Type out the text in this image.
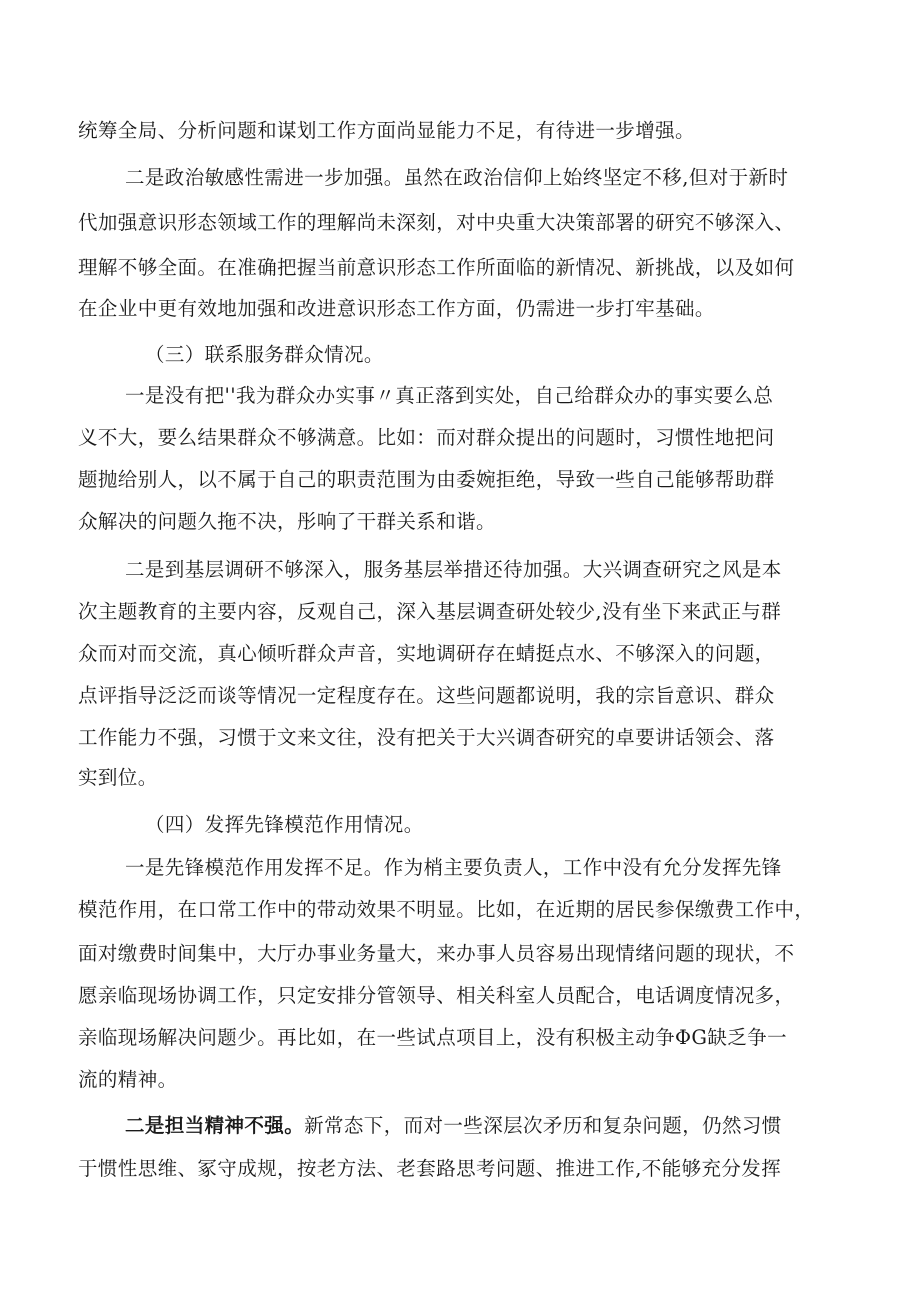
统筹全局、分析问题和谋划工作方面尚显能力不足，有待进一步增强。
二是政治敏感性需进一步加强。虽然在政治信仰上始终坚定不移,但对于新时
代加强意识形态领域工作的理解尚未深刻，对中央重大决策部署的研究不够深入、
理解不够全面。在准确把握当前意识形态工作所面临的新情况、新挑战，以及如何
在企业中更有效地加强和改进意识形态工作方面，仍需进一步打牢基础。
（三）联系服务群众情况。
一是没有把''我为群众办实事〃真正落到实处，自己给群众办的事实要么总
义不大，要么结果群众不够满意。比如：而对群众提出的问题时，习惯性地把问
题抛给别人，以不属于自己的职责范围为由委婉拒绝，导致一些自己能够帮助群
众解决的问题久拖不决，彤响了干群关系和谐。
二是到基层调研不够深入，服务基层举措还待加强。大兴调查研究之风是本
次主题教育的主要内容，反观自己，深入基层调查研处较少,没有坐下来武正与群
众而对而交流，真心倾听群众声音，实地调研存在蜻挺点水、不够深入的问题，
点评指导泛泛而谈等情况一定程度存在。这些问题都说明，我的宗旨意识、群众
工作能力不强，习惯于文来文往，没有把关于大兴调杳研究的卓要讲话领会、落
实到位。
（四）发挥先锋模范作用情况。
一是先锋模范作用发挥不足。作为梢主要负责人，工作中没有允分发挥先锋
模范作用，在口常工作中的带动效果不明显。比如，在近期的居民参保缴费工作中，
面对缴费时间集中，大厅办事业务量大，来办事人员容易出现情绪问题的现状，不
愿亲临现场协调工作，只定安排分管领导、相关科室人员配合，电话调度情况多，
亲临现场解决问题少。再比如，在一些试点项目上，没有积极主动争ΦG缺乏争一
流的精神。
二是担当精神不强。新常态下，而对一些深层次矛历和复杂问题，仍然习惯
于惯性思维、冢守成规，按老方法、老套路思考问题、推进工作,不能够充分发挥
